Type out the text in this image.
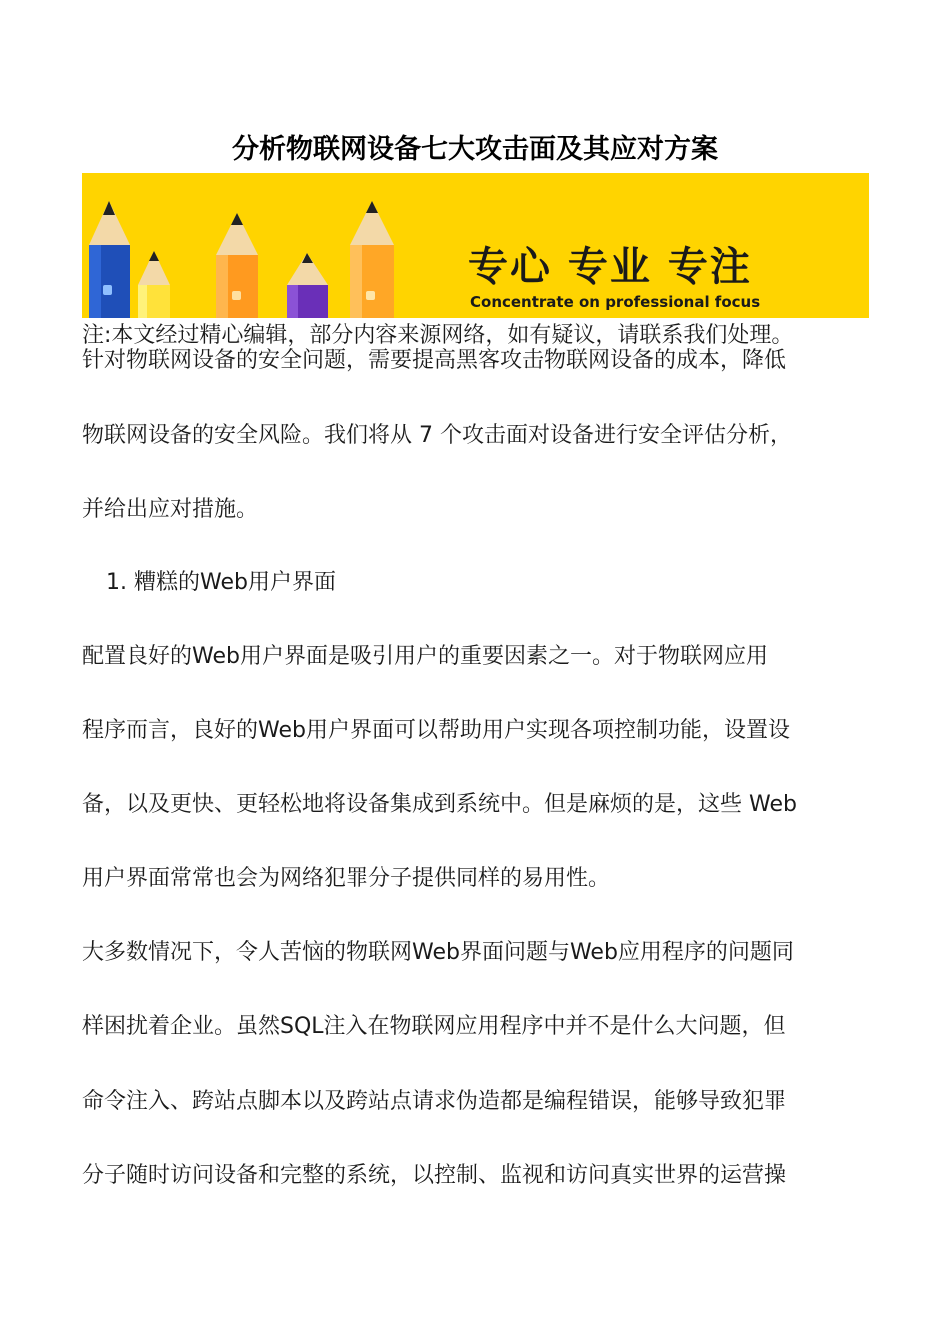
分析物联网设备七大攻击面及其应对方案
专心 专业 专注
Concentrate on professional focus
注:本文经过精心编辑，部分内容来源网络，如有疑议，请联系我们处理。
针对物联网设备的安全问题，需要提高黑客攻击物联网设备的成本，降低
物联网设备的安全风险。我们将从 7 个攻击面对设备进行安全评估分析，
并给出应对措施。
1. 糟糕的Web用户界面
配置良好的Web用户界面是吸引用户的重要因素之一。对于物联网应用
程序而言，良好的Web用户界面可以帮助用户实现各项控制功能，设置设
备，以及更快、更轻松地将设备集成到系统中。但是麻烦的是，这些 Web
用户界面常常也会为网络犯罪分子提供同样的易用性。
大多数情况下，令人苦恼的物联网Web界面问题与Web应用程序的问题同
样困扰着企业。虽然SQL注入在物联网应用程序中并不是什么大问题，但
命令注入、跨站点脚本以及跨站点请求伪造都是编程错误，能够导致犯罪
分子随时访问设备和完整的系统，以控制、监视和访问真实世界的运营操
